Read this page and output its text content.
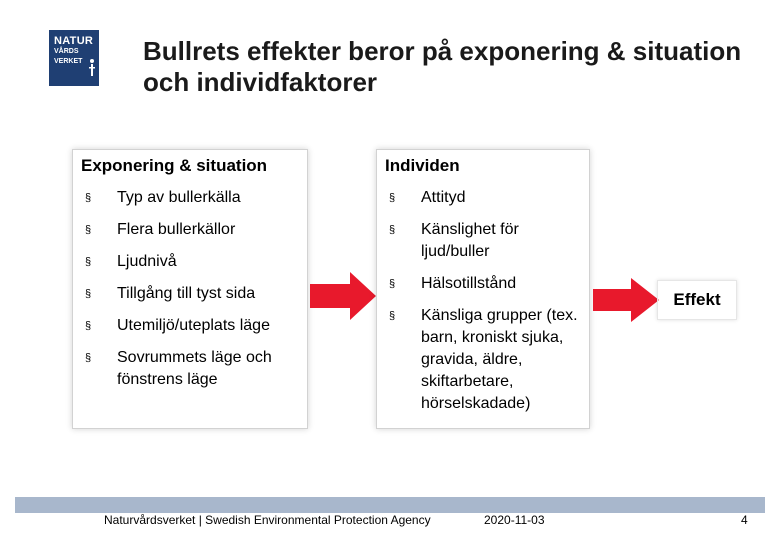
NATUR
VÅRDS
VERKET	Bullrets effekter beror på exponering & situation och individfaktorer
Exponering & situation
§ Typ av bullerkälla
§ Flera bullerkällor
§ Ljudnivå
§ Tillgång till tyst sida
§ Utemiljö/uteplats läge
§ Sovrummets läge och fönstrens läge
Individen
§ Attityd
§ Känslighet för ljud/buller
§ Hälsotillstånd
§ Känsliga grupper (tex. barn, kroniskt sjuka, gravida, äldre, skiftarbetare, hörselskadade)
Effekt
Naturvårdsverket | Swedish Environmental Protection Agency	2020-11-03	4
